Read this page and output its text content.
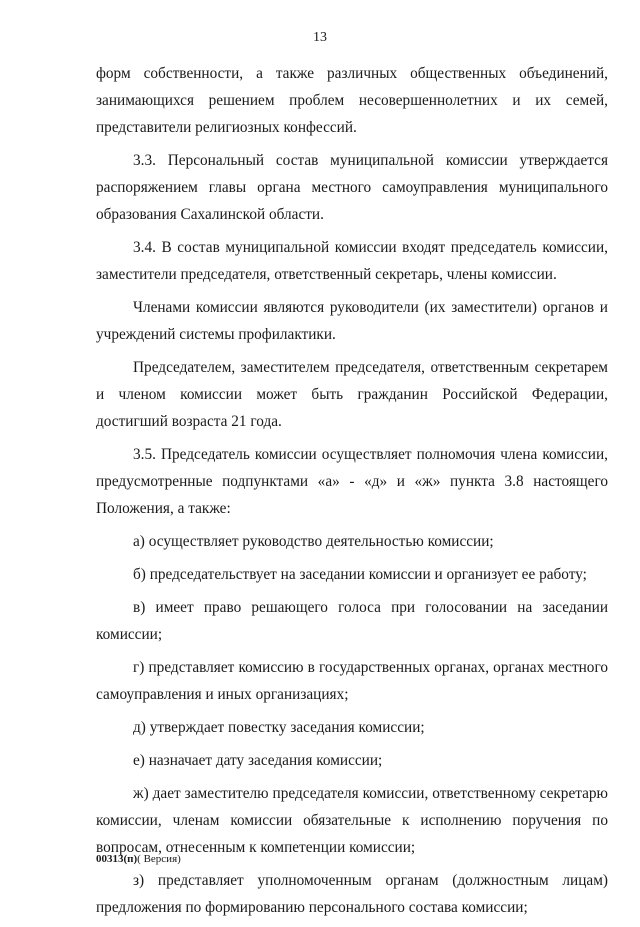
13

форм собственности, а также различных общественных объединений, занимающихся решением проблем несовершеннолетних и их семей, представители религиозных конфессий.

3.3. Персональный состав муниципальной комиссии утверждается распоряжением главы органа местного самоуправления муниципального образования Сахалинской области.

3.4. В состав муниципальной комиссии входят председатель комиссии, заместители председателя, ответственный секретарь, члены комиссии.

Членами комиссии являются руководители (их заместители) органов и учреждений системы профилактики.

Председателем, заместителем председателя, ответственным секретарем и членом комиссии может быть гражданин Российской Федерации, достигший возраста 21 года.

3.5. Председатель комиссии осуществляет полномочия члена комиссии, предусмотренные подпунктами «а» - «д» и «ж» пункта 3.8 настоящего Положения, а также:

а) осуществляет руководство деятельностью комиссии;

б) председательствует на заседании комиссии и организует ее работу;

в) имеет право решающего голоса при голосовании на заседании комиссии;

г) представляет комиссию в государственных органах, органах местного самоуправления и иных организациях;

д) утверждает повестку заседания комиссии;

е) назначает дату заседания комиссии;

ж) дает заместителю председателя комиссии, ответственному секретарю комиссии, членам комиссии обязательные к исполнению поручения по вопросам, отнесенным к компетенции комиссии;

з) представляет уполномоченным органам (должностным лицам) предложения по формированию персонального состава комиссии;

00313(п)( Версия)
